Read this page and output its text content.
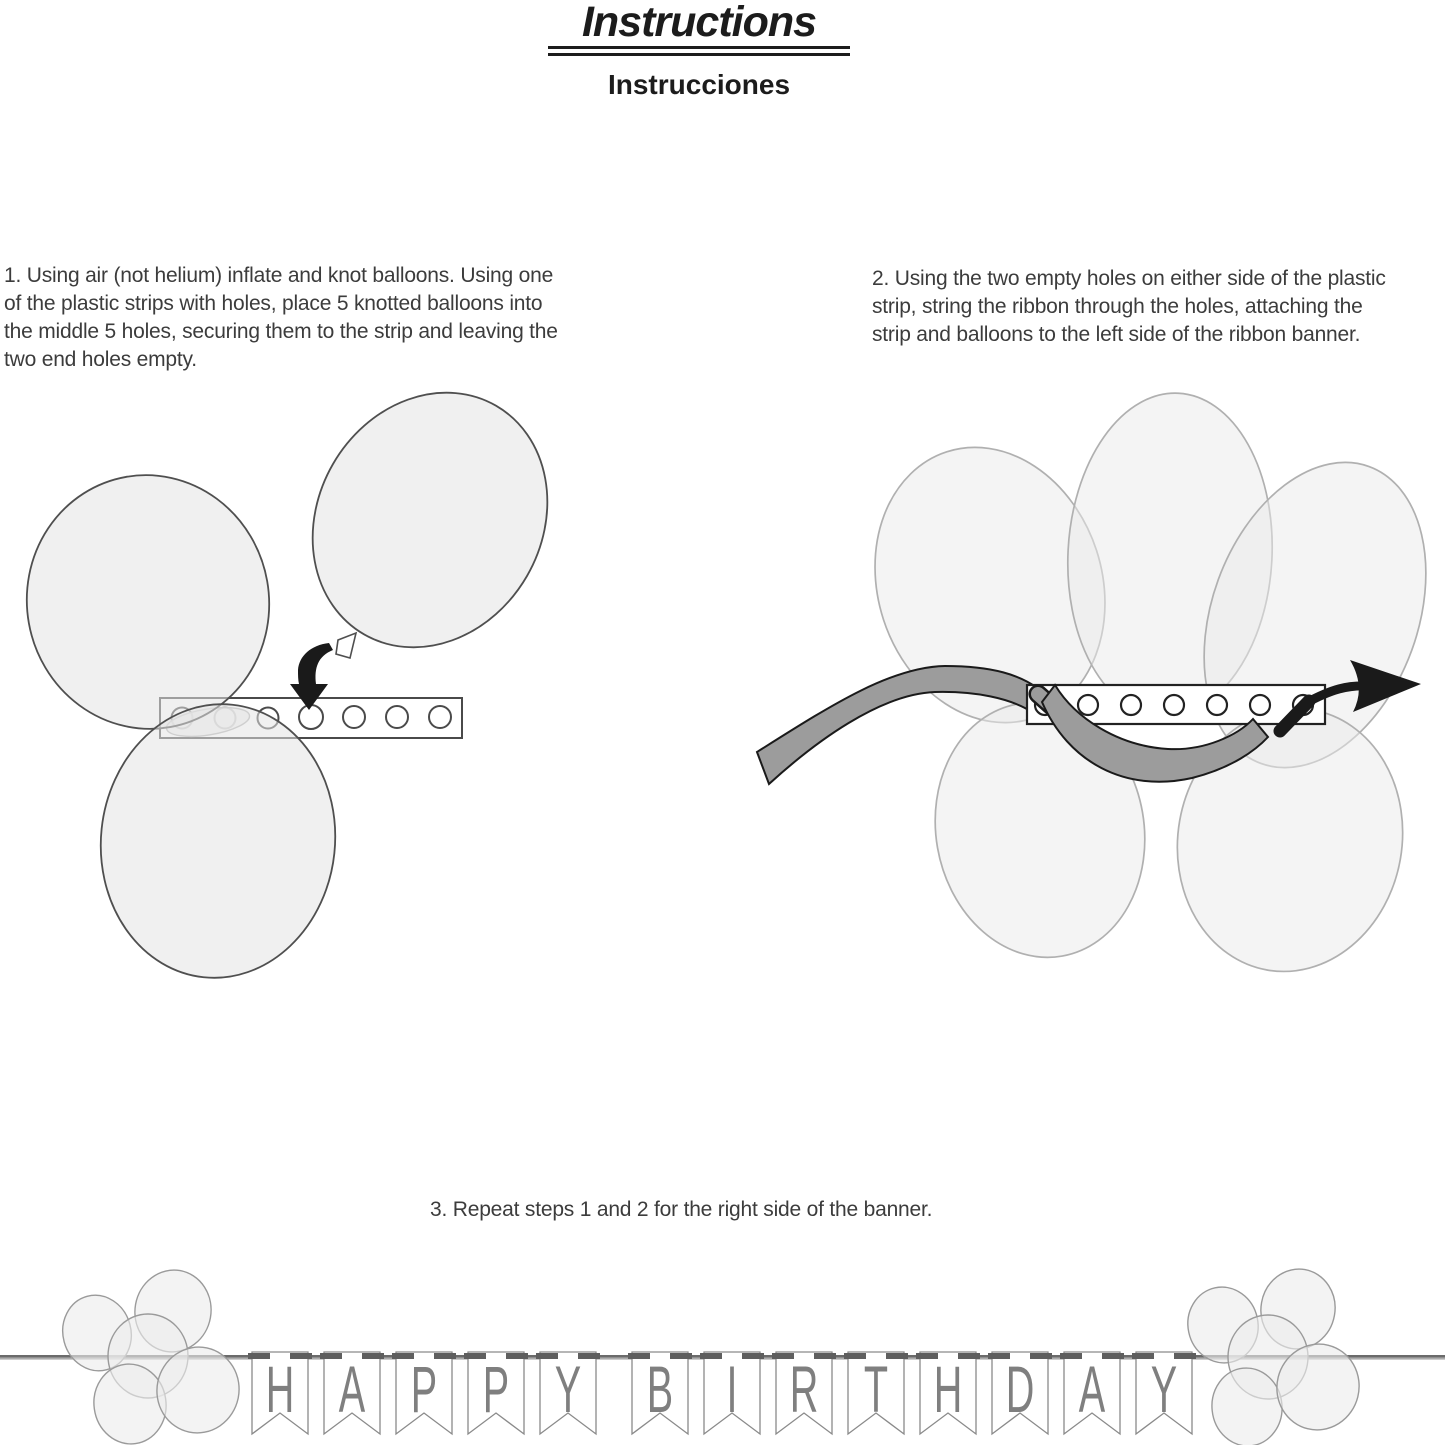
Instructions
Instrucciones
1. Using air (not helium) inflate and knot balloons. Using one
of the plastic strips with holes, place 5 knotted balloons into
the middle 5 holes, securing them to the strip and leaving the
two end holes empty.
2. Using the two empty holes on either side of the plastic
strip, string the ribbon through the holes, attaching the
strip and balloons to the left side of the ribbon banner.
3. Repeat steps 1 and 2 for the right side of the banner.
H A P P Y B I R T H D A Y
